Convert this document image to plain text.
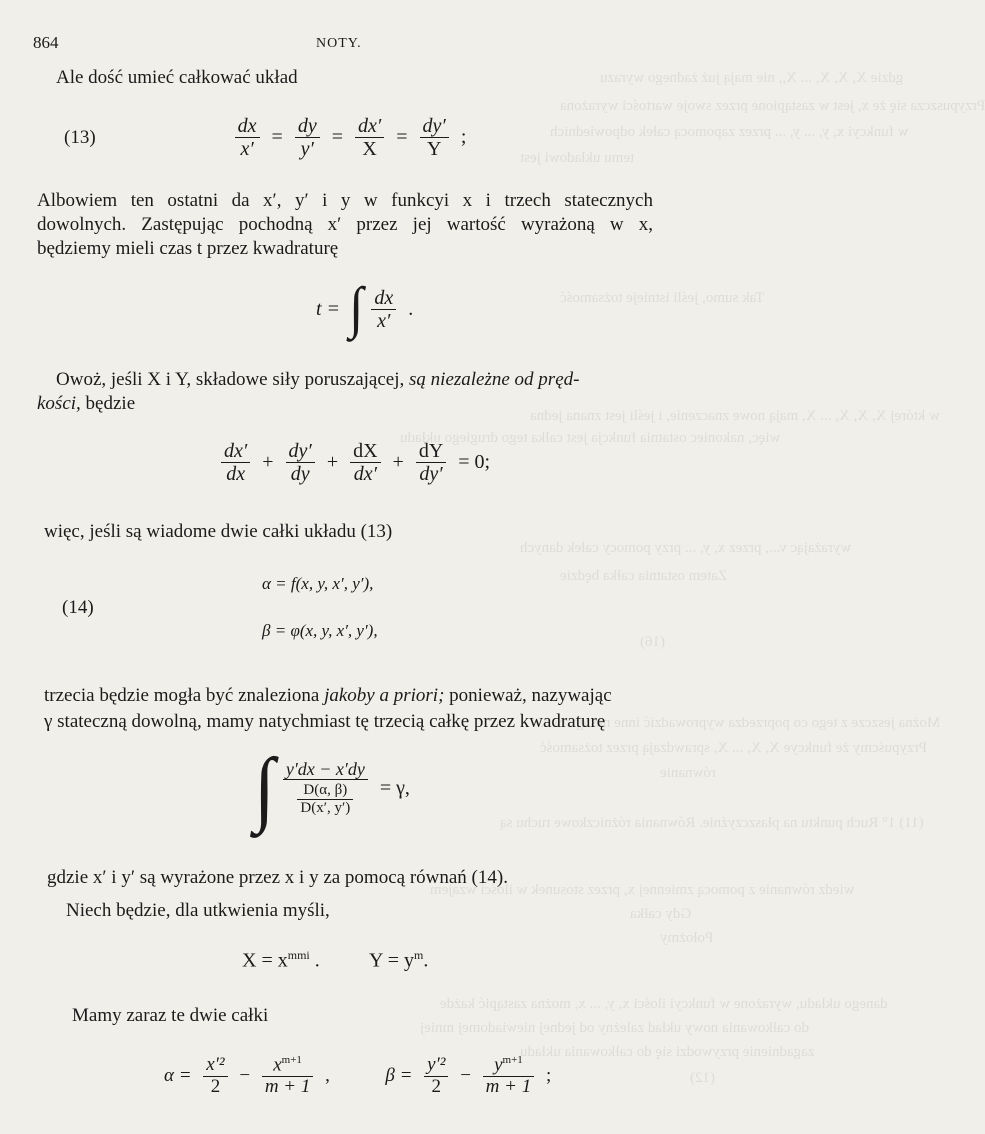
gdzie X, X, X, ... X,, nie mają już żadnego wyrazu
Przypuszcza się że x, jest w zastąpione przez swoje wartości wyrażona
w funkcyi x, y, ... y, ... przez zapomocą całek odpowiednich
temu układowi jest
Tak sumo, jeśli istnieje tożsamość
w której X, X, X, ... X, mają nowe znaczenie, i jeśli jest znana jedna
więc, nakoniec ostatnia funkcja jest całka tego drugiego układu
wyrażając v..., przez x, y, ... przy pomocy całek danych
Zatem ostatnia całka będzie
(16)
Można jeszcze z tego co poprzedza wyprowadzić inne następstwo.
Przypuścmy że funkcye X, X, ... X, sprawdzają przez tożsamość
równanie
(11) 1° Ruch punktu na płaszczyźnie. Równania różniczkowe ruchu są
wiedz równanie z pomocą zmiennej x, przez stosunek w ilości wzajem
Gdy całka
Położmy
danego układu, wyrażone w funkcyi ilości x, y, ... x, można zastąpić każde
do całkowania nowy układ zależny od jednej niewiadomej mniej
zagadnienie przywodzi się do całkowania układu
(12)
864	NOTY.
Ale dość umieć całkować układ
(13)	$\frac{dx}{x'} = \frac{dy}{y'} = \frac{dx'}{X} = \frac{dy'}{Y}$ ;
Albowiem ten ostatni da x′, y′ i y w funkcyi x i trzech statecznych
dowolnych. Zastępując pochodną x′ przez jej wartość wyrażoną w x,
będziemy mieli czas t przez kwadraturę
t = ∫ $\frac{dx}{x'}$ .
Owoż, jeśli X i Y, składowe siły poruszającej, są niezależne od pręd-
kości, będzie
$\frac{dx'}{dx} + \frac{dy'}{dy} + \frac{dX}{dx'} + \frac{dY}{dy'} = 0$;
więc, jeśli są wiadome dwie całki układu (13)
(14)
α = f(x, y, x′, y′),
β = φ(x, y, x′, y′),
trzecia będzie mogła być znaleziona jakoby a priori; ponieważ, nazywając
γ stateczną dowolną, mamy natychmiast tę trzecią całkę przez kwadraturę
∫ $\frac{y'dx - x'dy}{\frac{D(\alpha, \beta)}{D(x', y')}} = \gamma$,
gdzie x′ i y′ są wyrażone przez x i y za pomocą równań (14).
Niech będzie, dla utkwienia myśli,
$X = x^{mmi}$ . $Y = y^m$.
Mamy zaraz te dwie całki
$\alpha = \frac{\text{x′²}}{2} - \frac{x^{m+1}}{m + 1}$ ,	$\beta = \frac{\text{y′²}}{2} - \frac{y^{m+1}}{m + 1}$ ;
